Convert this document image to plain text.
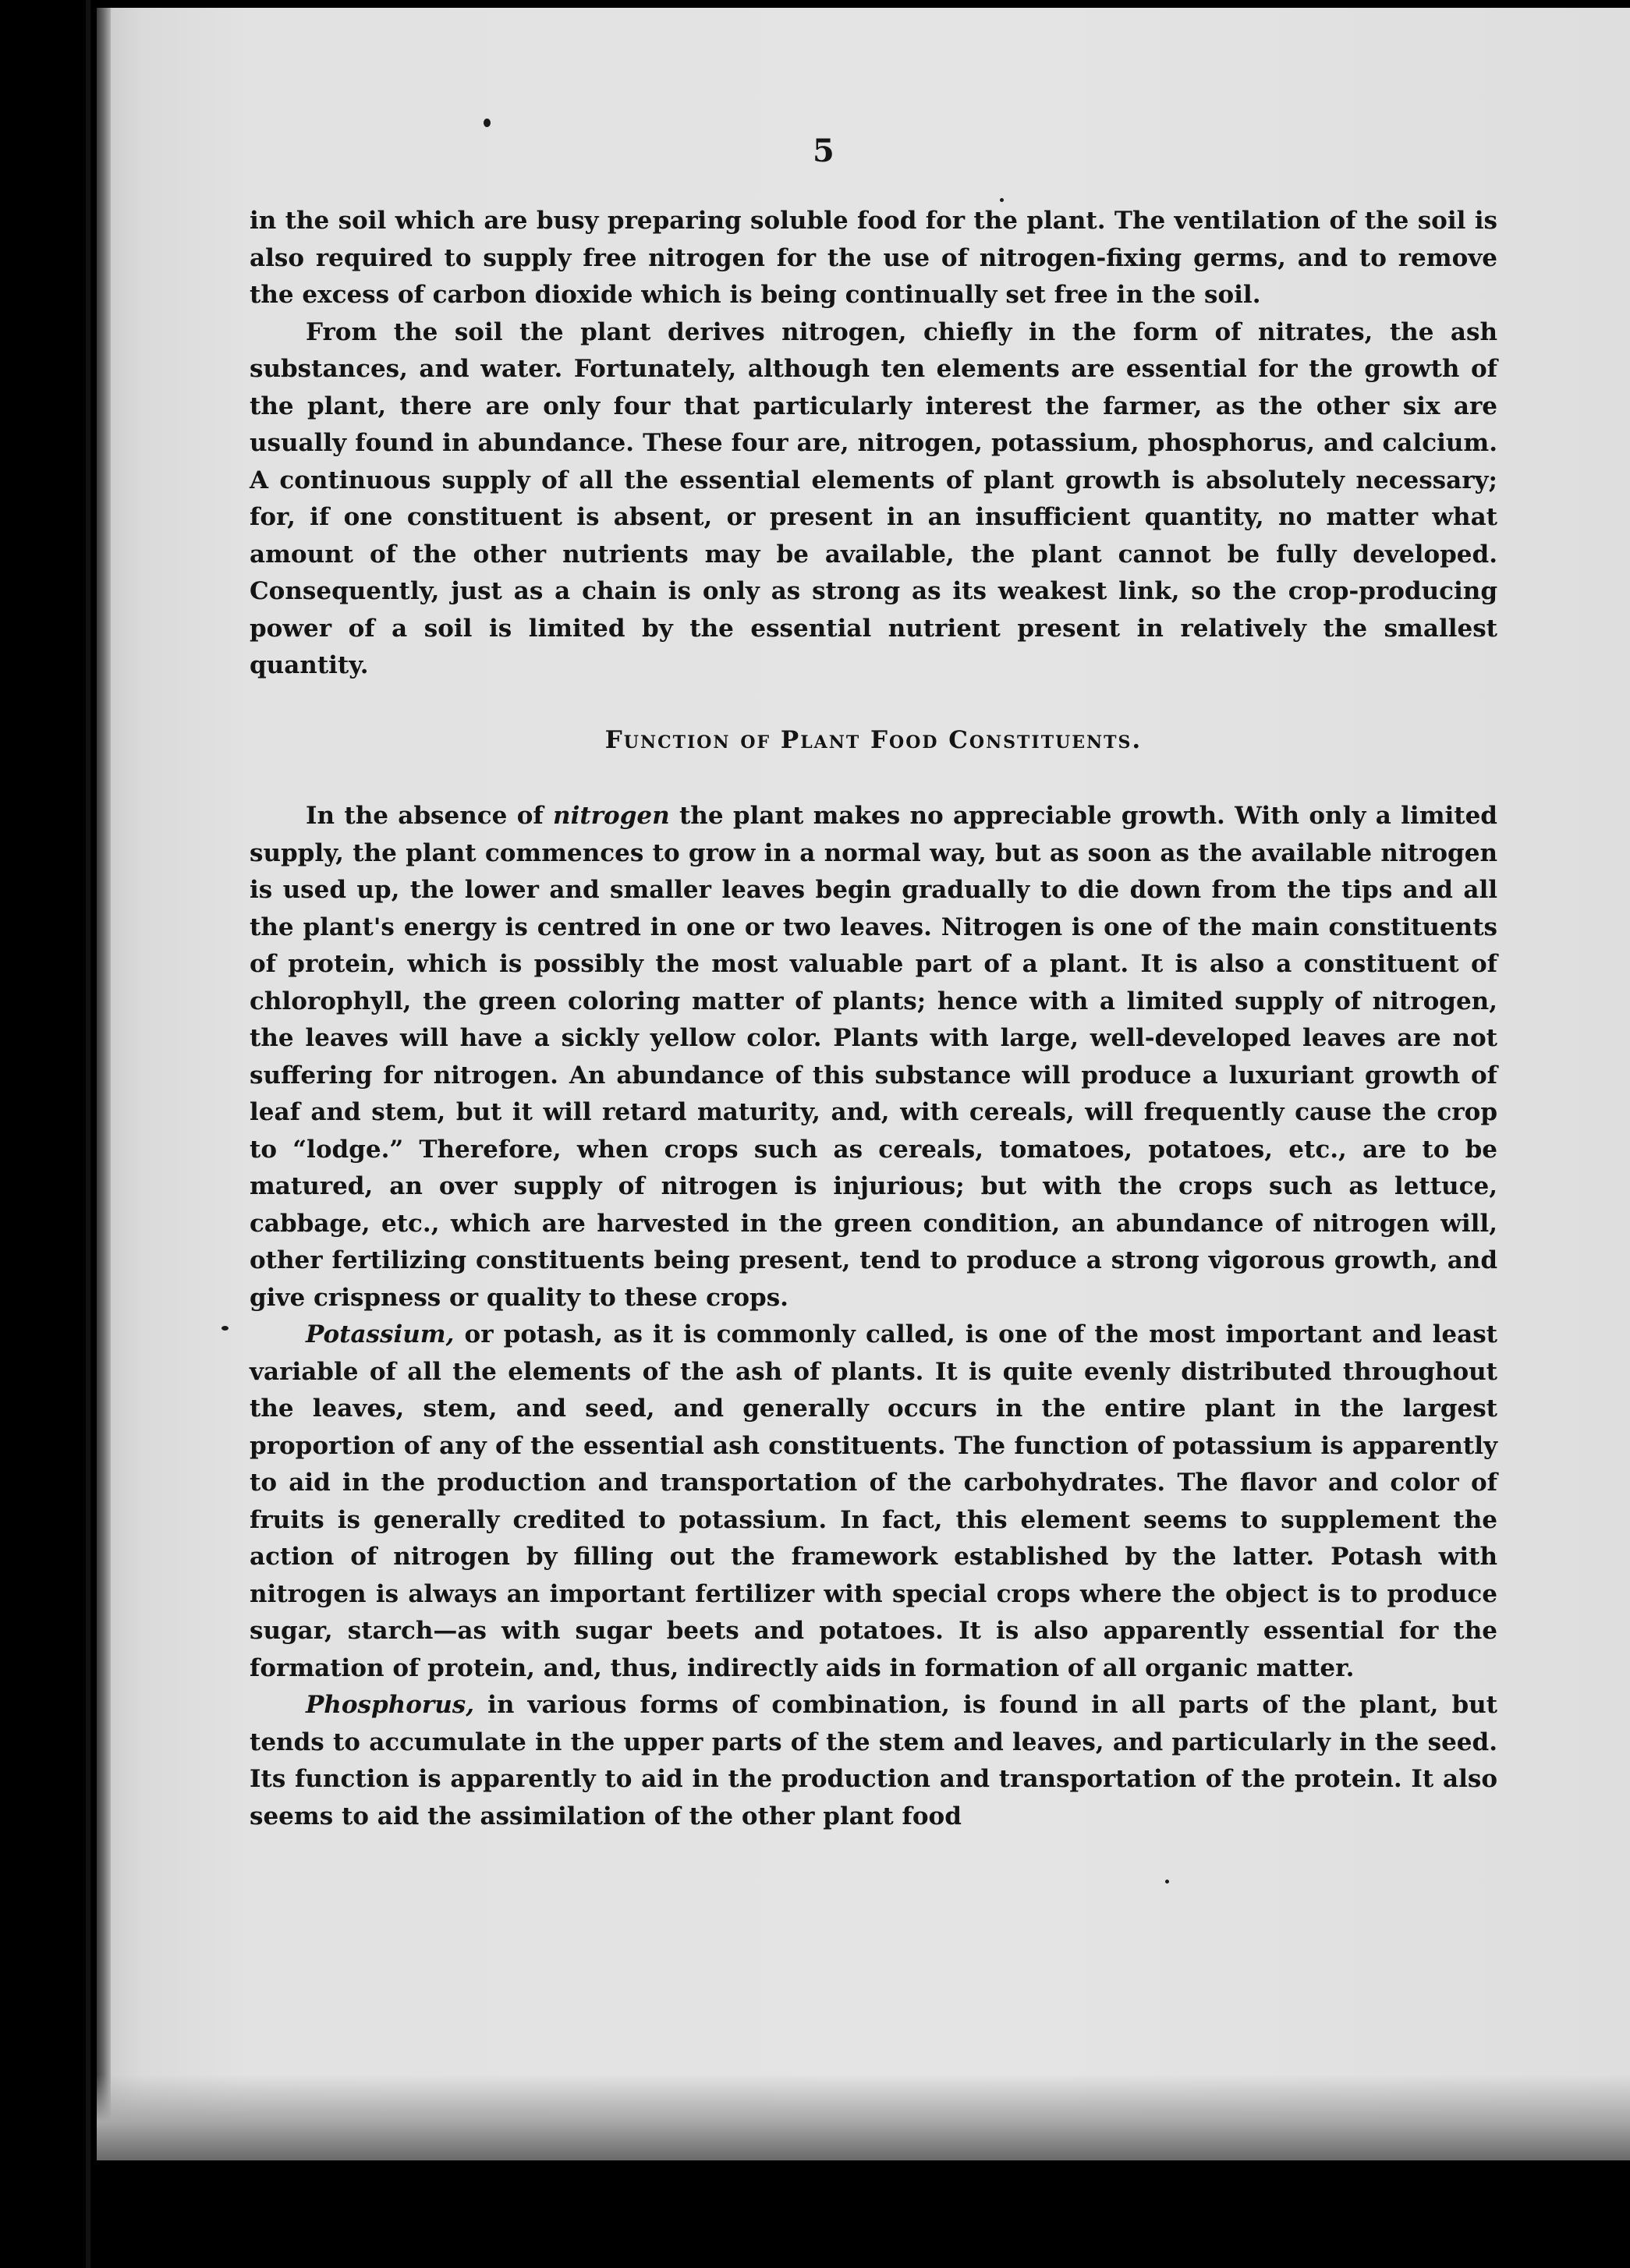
5

in the soil which are busy preparing soluble food for the plant. The ventilation of the soil is also required to supply free nitrogen for the use of nitrogen-fixing germs, and to remove the excess of carbon dioxide which is being continually set free in the soil.

From the soil the plant derives nitrogen, chiefly in the form of nitrates, the ash substances, and water. Fortunately, although ten elements are essential for the growth of the plant, there are only four that particularly interest the farmer, as the other six are usually found in abundance. These four are, nitrogen, potassium, phosphorus, and calcium. A continuous supply of all the essential elements of plant growth is absolutely necessary; for, if one constituent is absent, or present in an insufficient quantity, no matter what amount of the other nutrients may be available, the plant cannot be fully developed. Consequently, just as a chain is only as strong as its weakest link, so the crop-producing power of a soil is limited by the essential nutrient present in relatively the smallest quantity.

Function of Plant Food Constituents.

In the absence of nitrogen the plant makes no appreciable growth. With only a limited supply, the plant commences to grow in a normal way, but as soon as the available nitrogen is used up, the lower and smaller leaves begin gradually to die down from the tips and all the plant's energy is centred in one or two leaves. Nitrogen is one of the main constituents of protein, which is possibly the most valuable part of a plant. It is also a constituent of chlorophyll, the green coloring matter of plants; hence with a limited supply of nitrogen, the leaves will have a sickly yellow color. Plants with large, well-developed leaves are not suffering for nitrogen. An abundance of this substance will produce a luxuriant growth of leaf and stem, but it will retard maturity, and, with cereals, will frequently cause the crop to “lodge.” Therefore, when crops such as cereals, tomatoes, potatoes, etc., are to be matured, an over supply of nitrogen is injurious; but with the crops such as lettuce, cabbage, etc., which are harvested in the green condition, an abundance of nitrogen will, other fertilizing constituents being present, tend to produce a strong vigorous growth, and give crispness or quality to these crops.

Potassium, or potash, as it is commonly called, is one of the most important and least variable of all the elements of the ash of plants. It is quite evenly distributed throughout the leaves, stem, and seed, and generally occurs in the entire plant in the largest proportion of any of the essential ash constituents. The function of potassium is apparently to aid in the production and transportation of the carbohydrates. The flavor and color of fruits is generally credited to potassium. In fact, this element seems to supplement the action of nitrogen by filling out the framework established by the latter. Potash with nitrogen is always an important fertilizer with special crops where the object is to produce sugar, starch—as with sugar beets and potatoes. It is also apparently essential for the formation of protein, and, thus, indirectly aids in formation of all organic matter.

Phosphorus, in various forms of combination, is found in all parts of the plant, but tends to accumulate in the upper parts of the stem and leaves, and particularly in the seed. Its function is apparently to aid in the production and transportation of the protein. It also seems to aid the assimilation of the other plant food
